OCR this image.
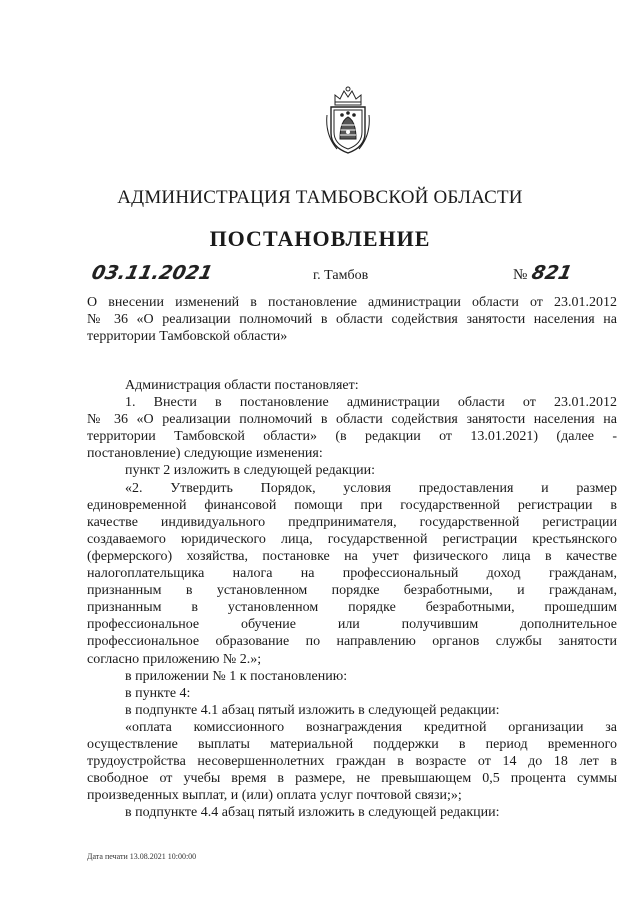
АДМИНИСТРАЦИЯ ТАМБОВСКОЙ ОБЛАСТИ
ПОСТАНОВЛЕНИЕ
03.11.2021	г. Тамбов	№ 821

О внесении изменений в постановление администрации области от 23.01.2012

№ 36 «О реализации полномочий в области содействия занятости населения на

территории Тамбовской области»

Администрация области постановляет:

1. Внести в постановление администрации области от 23.01.2012

№ 36 «О реализации полномочий в области содействия занятости населения на

территории Тамбовской области» (в редакции от 13.01.2021) (далее -

постановление) следующие изменения:

пункт 2 изложить в следующей редакции:

«2. Утвердить Порядок, условия предоставления и размер

единовременной финансовой помощи при государственной регистрации в

качестве индивидуального предпринимателя, государственной регистрации

создаваемого юридического лица, государственной регистрации крестьянского

(фермерского) хозяйства, постановке на учет физического лица в качестве

налогоплательщика налога на профессиональный доход гражданам,

признанным в установленном порядке безработными, и гражданам,

признанным в установленном порядке безработными, прошедшим

профессиональное обучение или получившим дополнительное

профессиональное образование по направлению органов службы занятости

согласно приложению № 2.»;

в приложении № 1 к постановлению:

в пункте 4:

в подпункте 4.1 абзац пятый изложить в следующей редакции:

«оплата комиссионного вознаграждения кредитной организации за

осуществление выплаты материальной поддержки в период временного

трудоустройства несовершеннолетних граждан в возрасте от 14 до 18 лет в

свободное от учебы время в размере, не превышающем 0,5 процента суммы

произведенных выплат, и (или) оплата услуг почтовой связи;»;

в подпункте 4.4 абзац пятый изложить в следующей редакции:

Дата печати 13.08.2021 10:00:00
